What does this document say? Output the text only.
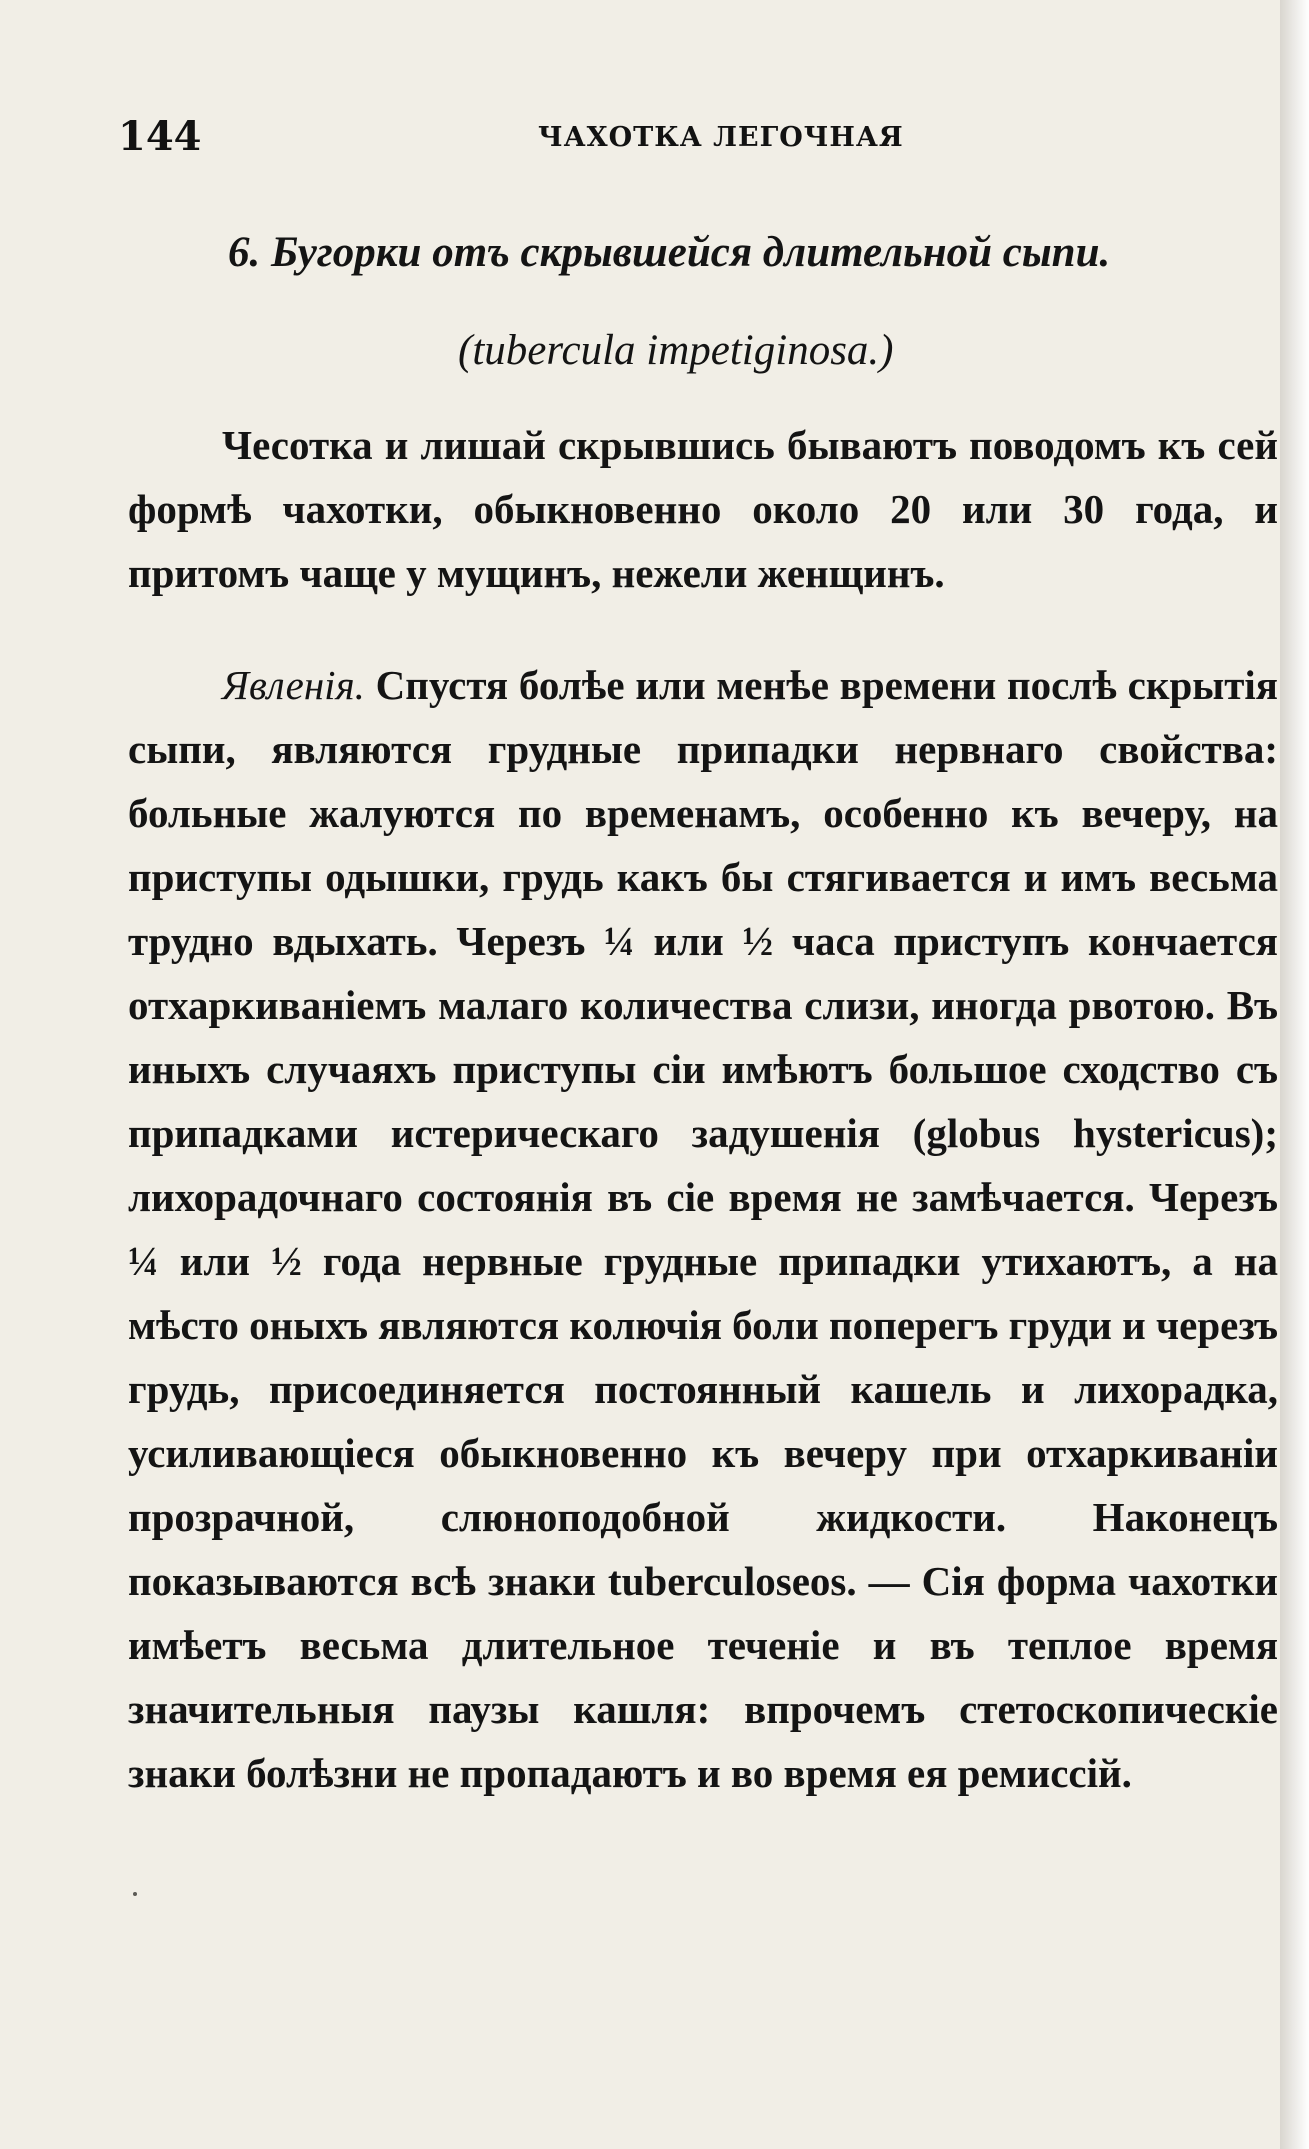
144	ЧАХОТКА ЛЕГОЧНАЯ

6. Бугорки отъ скрывшейся длительной сыпи.

(tubercula impetiginosa.)

Чесотка и лишай скрывшись бываютъ поводомъ къ сей формѣ чахотки, обыкновенно около 20 или 30 года, и притомъ чаще у мущинъ, нежели женщинъ.

Явленія. Спустя болѣе или менѣе времени послѣ скрытія сыпи, являются грудные припадки нервнаго свойства: больные жалуются по временамъ, особенно къ вечеру, на приступы одышки, грудь какъ бы стягивается и имъ весьма трудно вдыхать. Черезъ ¼ или ½ часа приступъ кончается отхаркиваніемъ малаго количества слизи, иногда рвотою. Въ иныхъ случаяхъ приступы сіи имѣютъ большое сходство съ припадками истерическаго задушенія (globus hystericus); лихорадочнаго состоянія въ сіе время не замѣчается. Черезъ ¼ или ½ года нервные грудные припадки утихаютъ, а на мѣсто оныхъ являются колючія боли поперегъ груди и черезъ грудь, присоединяется постоянный кашель и лихорадка, усиливающіеся обыкновенно къ вечеру при отхаркиваніи прозрачной, слюноподобной жидкости. Наконецъ показываются всѣ знаки tuberculoseos. — Сія форма чахотки имѣетъ весьма длительное теченіе и въ теплое время значительныя паузы кашля: впрочемъ стетоскопическіе знаки болѣзни не пропадаютъ и во время ея ремиссій.
